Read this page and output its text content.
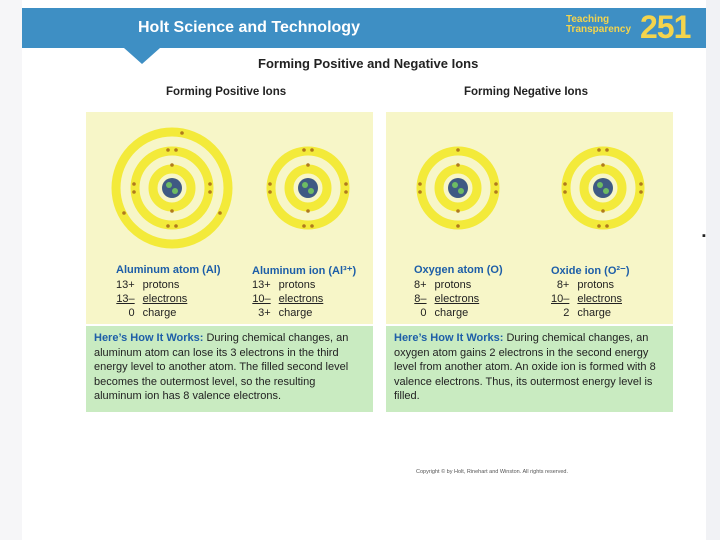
Holt Science and Technology	Teaching
Transparency 251
Forming Positive and Negative Ions
Forming Positive Ions	Forming Negative Ions
Aluminum atom (Al)
13+	protons
13–	electrons
0	charge
Aluminum ion (Al³⁺)
13+	protons
10–	electrons
3+	charge
Oxygen atom (O)
8+	protons
8–	electrons
0	charge
Oxide ion (O²⁻)
8+	protons
10–	electrons
2	charge
Here’s How It Works: During chemical changes, an aluminum atom can lose its 3 electrons in the third energy level to another atom. The filled second level becomes the outermost level, so the resulting aluminum ion has 8 valence electrons.
Here’s How It Works: During chemical changes, an oxygen atom gains 2 electrons in the second energy level from another atom. An oxide ion is formed with 8 valence electrons. Thus, its outermost energy level is filled.
Copyright © by Holt, Rinehart and Winston. All rights reserved.
▪
